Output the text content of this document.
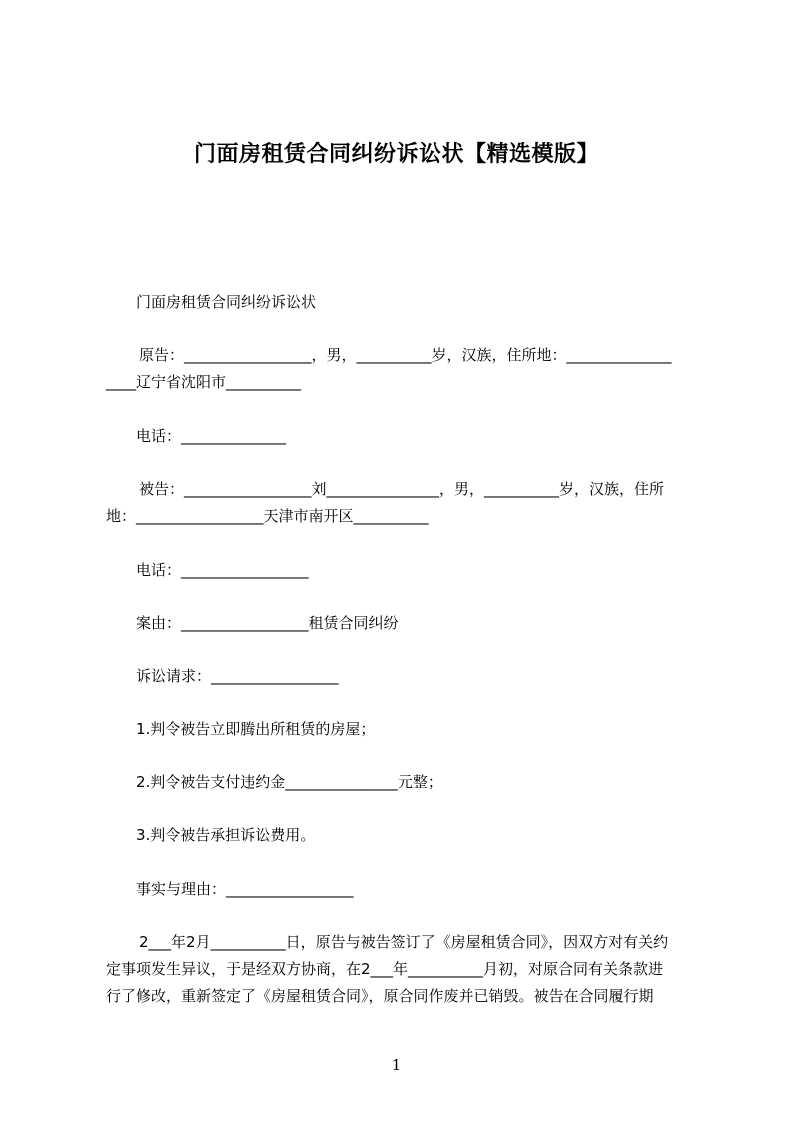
门面房租赁合同纠纷诉讼状【精选模版】
门面房租赁合同纠纷诉讼状
原告：_________________，男，__________岁，汉族，住所地：______________
____辽宁省沈阳市__________
电话：______________
被告：_________________刘_______________，男，__________岁，汉族，住所
地：_________________天津市南开区__________
电话：_________________
案由：_________________租赁合同纠纷
诉讼请求：_________________
1.判令被告立即腾出所租赁的房屋；
2.判令被告支付违约金_______________元整；
3.判令被告承担诉讼费用。
事实与理由：_________________
2___年2月__________日，原告与被告签订了《房屋租赁合同》，因双方对有关约
定事项发生异议，于是经双方协商，在2___年__________月初，对原合同有关条款进
行了修改，重新签定了《房屋租赁合同》，原合同作废并已销毁。被告在合同履行期
1
